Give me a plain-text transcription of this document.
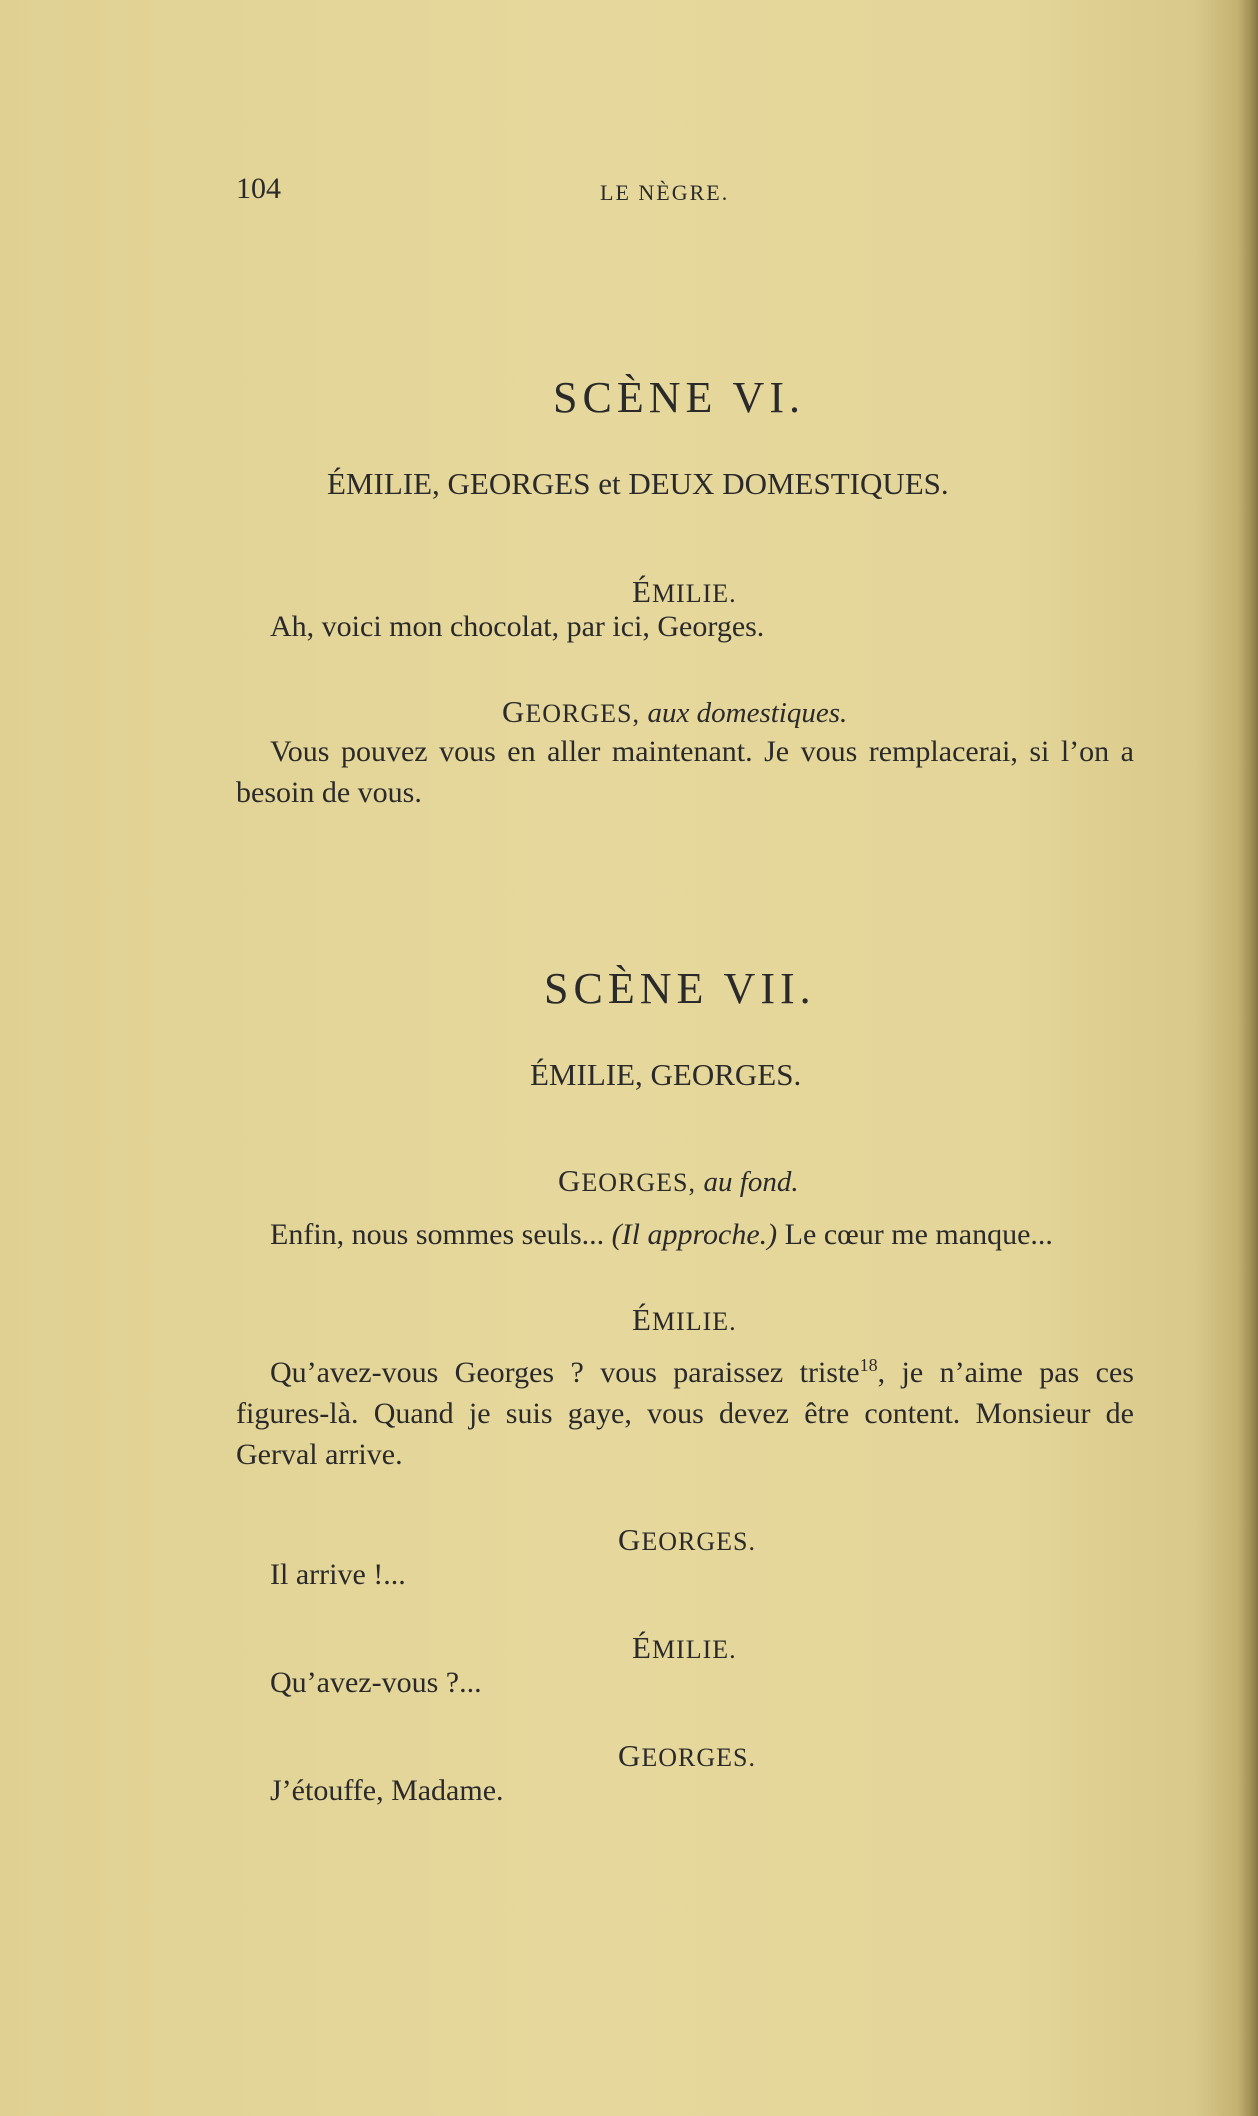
104	LE NÈGRE.
SCÈNE VI.
ÉMILIE, GEORGES et DEUX DOMESTIQUES.
ÉMILIE.
Ah, voici mon chocolat, par ici, Georges.
GEORGES, aux domestiques.
Vous pouvez vous en aller maintenant. Je vous remplacerai, si l’on a besoin de vous.
SCÈNE VII.
ÉMILIE, GEORGES.
GEORGES, au fond.
Enfin, nous sommes seuls... (Il approche.) Le cœur me manque...
ÉMILIE.
Qu’avez-vous Georges ? vous paraissez triste$^{18}$, je n’aime pas ces figures-là. Quand je suis gaye, vous devez être content. Monsieur de Gerval arrive.
GEORGES.
Il arrive !...
ÉMILIE.
Qu’avez-vous ?...
GEORGES.
J’étouffe, Madame.
